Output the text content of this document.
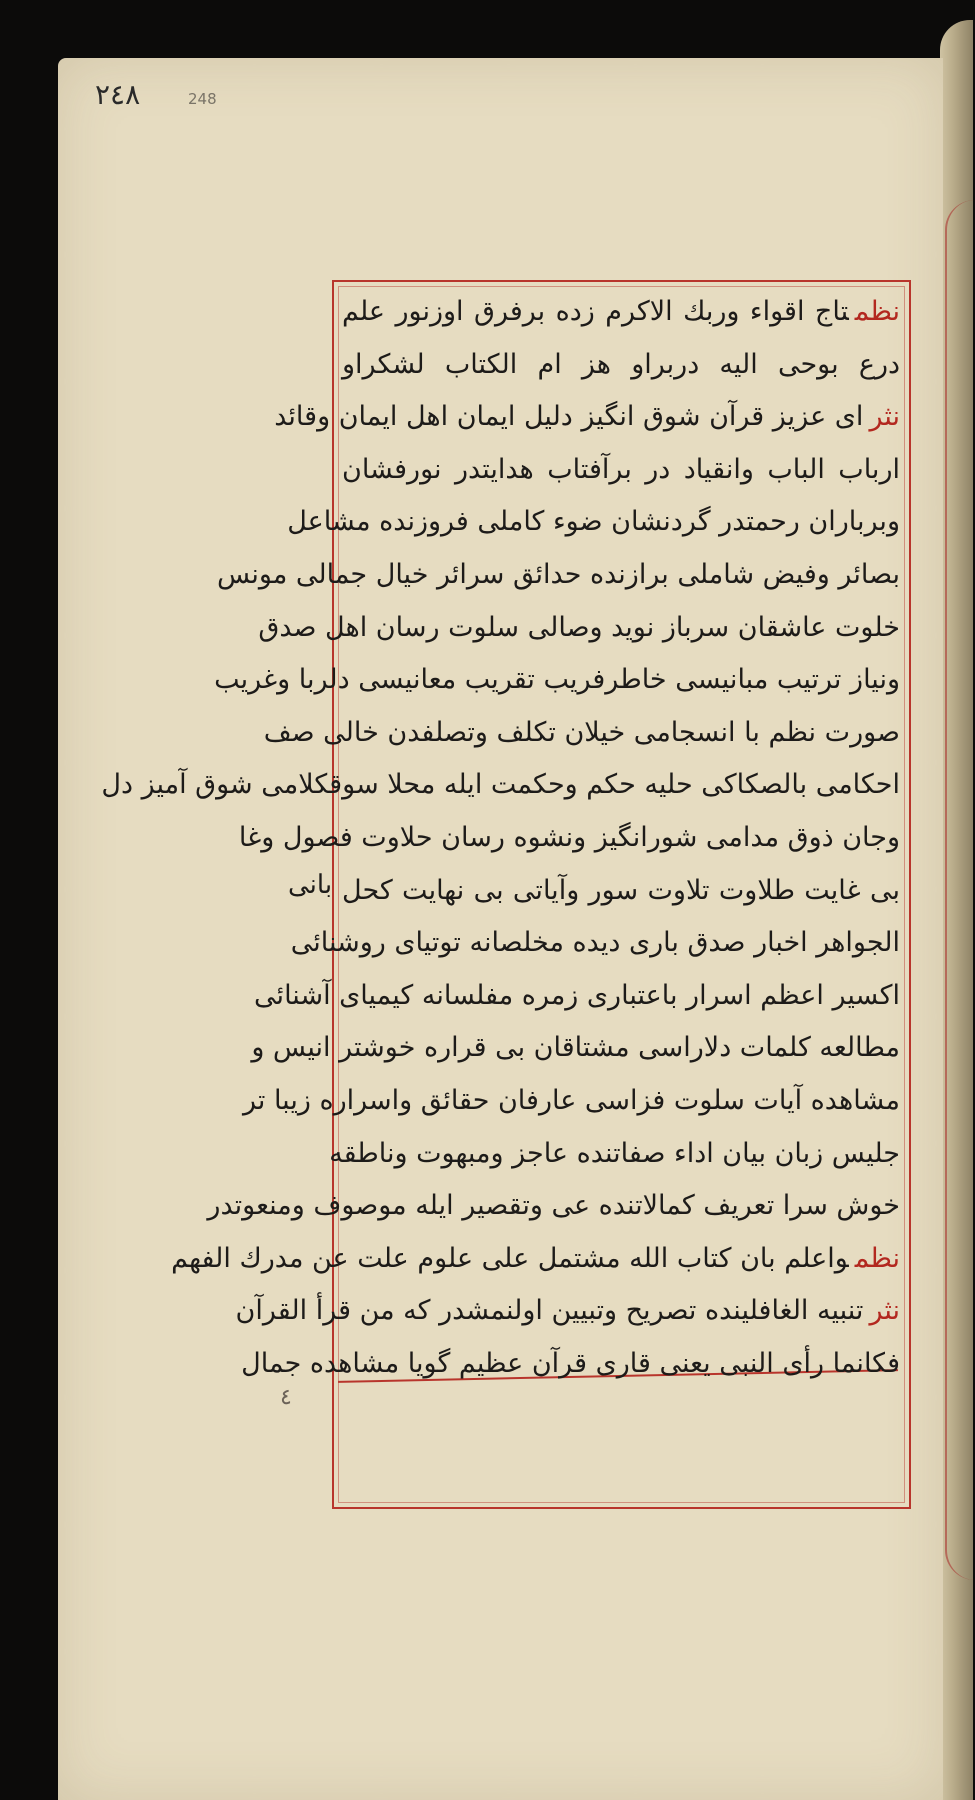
٢٤٨	248
بانی
٤
نظمتاج اقواء وربك الاكرم زده برفرق اوزنور علم
درع بوحی الیه دربراو هز ام الكتاب لشكراو
نثرای عزیز قرآن شوق انگیز دلیل ایمان اهل ایمان وقائد
ارباب الباب وانقیاد در برآفتاب هدایتدر نورفشان
وبرباران رحمتدر گردنشان ضوء كاملی فروزنده مشاعل
بصائر وفیض شاملی برازنده حدائق سرائر خیال جمالی مونس
خلوت عاشقان سرباز نوید وصالی سلوت رسان اهل صدق
ونیاز ترتیب مبانیسی خاطرفریب تقریب معانیسی دلربا وغریب
صورت نظم با انسجامی خیلان تكلف وتصلفدن خالی صف
احكامی بالصكاكی حلیه حكم وحكمت ایله محلا سوقكلامی شوق آمیز دل
وجان ذوق مدامی شورانگیز ونشوه رسان حلاوت فصول وغا
بی غایت طلاوت تلاوت سور وآیاتی بی نهایت كحل
الجواهر اخبار صدق باری دیده مخلصانه توتیای روشنائی
اكسیر اعظم اسرار باعتباری زمره مفلسانه كیمیای آشنائی
مطالعه كلمات دلاراسی مشتاقان بی قراره خوشتر انیس و
مشاهده آیات سلوت فزاسی عارفان حقائق واسراره زیبا تر
جلیس زبان بیان اداء صفاتنده عاجز ومبهوت وناطقه
خوش سرا تعریف كمالاتنده عی وتقصیر ایله موصوف ومنعوتدر
نظمواعلم بان كتاب الله مشتمل علی علوم علت عن مدرك الفهم
نثرتنبیه الغافلینده تصریح وتبیین اولنمشدر كه من قرأ القرآن
فكانما رأی النبی یعنی قاری قرآن عظیم گویا مشاهده جمال
